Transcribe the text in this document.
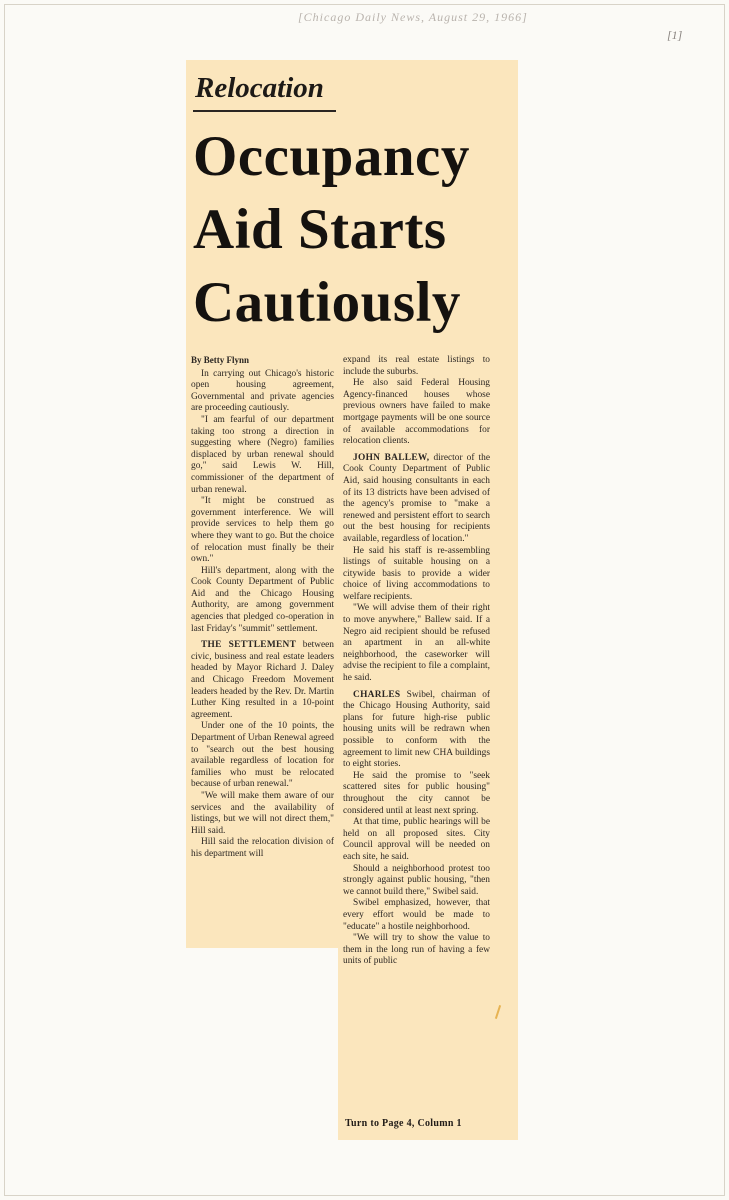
[Chicago Daily News, August 29, 1966]
[1]
Relocation
Occupancy
Aid Starts
Cautiously

By Betty Flynn

In carrying out Chicago's historic open housing agreement, Governmental and private agencies are proceeding cautiously.

"I am fearful of our department taking too strong a direction in suggesting where (Negro) families displaced by urban renewal should go," said Lewis W. Hill, commissioner of the department of urban renewal.

"It might be construed as government interference. We will provide services to help them go where they want to go. But the choice of relocation must finally be their own."

Hill's department, along with the Cook County Department of Public Aid and the Chicago Housing Authority, are among government agencies that pledged co-operation in last Friday's "summit" settlement.

THE SETTLEMENT between civic, business and real estate leaders headed by Mayor Richard J. Daley and Chicago Freedom Movement leaders headed by the Rev. Dr. Martin Luther King resulted in a 10-point agreement.

Under one of the 10 points, the Department of Urban Renewal agreed to "search out the best housing available regardless of location for families who must be relocated because of urban renewal."

"We will make them aware of our services and the availability of listings, but we will not direct them," Hill said.

Hill said the relocation division of his department will

expand its real estate listings to include the suburbs.

He also said Federal Housing Agency-financed houses whose previous owners have failed to make mortgage payments will be one source of available accommodations for relocation clients.

JOHN BALLEW, director of the Cook County Department of Public Aid, said housing consultants in each of its 13 districts have been advised of the agency's promise to "make a renewed and persistent effort to search out the best housing for recipients available, regardless of location."

He said his staff is re-assembling listings of suitable housing on a citywide basis to provide a wider choice of living accommodations to welfare recipients.

"We will advise them of their right to move anywhere," Ballew said. If a Negro aid recipient should be refused an apartment in an all-white neighborhood, the caseworker will advise the recipient to file a complaint, he said.

CHARLES Swibel, chairman of the Chicago Housing Authority, said plans for future high-rise public housing units will be redrawn when possible to conform with the agreement to limit new CHA buildings to eight stories.

He said the promise to "seek scattered sites for public housing" throughout the city cannot be considered until at least next spring.

At that time, public hearings will be held on all proposed sites. City Council approval will be needed on each site, he said.

Should a neighborhood protest too strongly against public housing, "then we cannot build there," Swibel said.

Swibel emphasized, however, that every effort would be made to "educate" a hostile neighborhood.

"We will try to show the value to them in the long run of having a few units of public

Turn to Page 4, Column 1
